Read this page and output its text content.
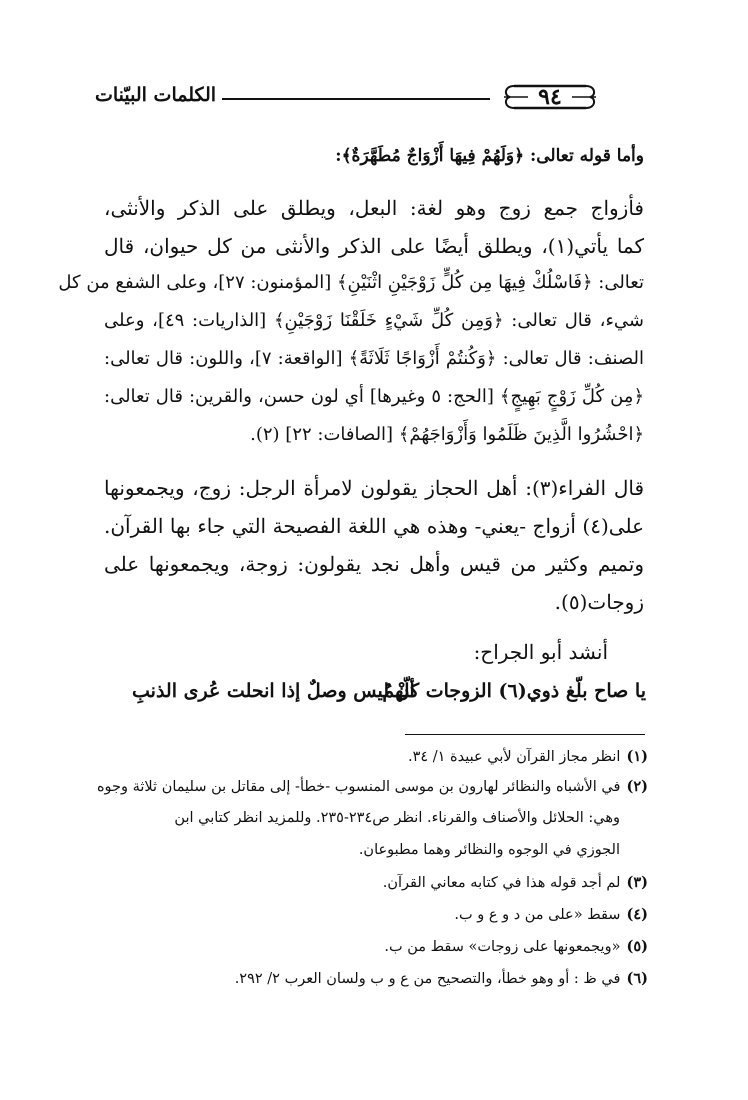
الكلمات البيّنات	٩٤
وأما قوله تعالى: ﴿وَلَهُمْ فِيهَا أَزْوَاجٌ مُطَهَّرَةٌ﴾:
فأزواج جمع زوج وهو لغة: البعل، ويطلق على الذكر والأنثى،
كما يأتي(١)، ويطلق أيضًا على الذكر والأنثى من كل حيوان، قال
تعالى: ﴿فَاسْلُكْ فِيهَا مِن كُلٍّ زَوْجَيْنِ اثْنَيْنِ﴾ [المؤمنون: ٢٧]، وعلى الشفع من كل
شيء، قال تعالى: ﴿وَمِن كُلِّ شَيْءٍ خَلَقْنَا زَوْجَيْنِ﴾ [الذاريات: ٤٩]، وعلى
الصنف: قال تعالى: ﴿وَكُنتُمْ أَزْوَاجًا ثَلَاثَةً﴾ [الواقعة: ٧]، واللون: قال تعالى:
﴿مِن كُلِّ زَوْجٍ بَهِيجٍ﴾ [الحج: ٥ وغيرها] أي لون حسن، والقرين: قال تعالى:
﴿احْشُرُوا الَّذِينَ ظَلَمُوا وَأَزْوَاجَهُمْ﴾ [الصافات: ٢٢] (٢).
قال الفراء(٣): أهل الحجاز يقولون لامرأة الرجل: زوج، ويجمعونها
على(٤) أزواج -يعني- وهذه هي اللغة الفصيحة التي جاء بها القرآن.
وتميم وكثير من قيس وأهل نجد يقولون: زوجة، ويجمعونها على
زوجات(٥).
أنشد أبو الجراح:
يا صاح بلّغ ذوي(٦) الزوجات كلّهمُ
أنْ ليس وصلٌ إذا انحلت عُرى الذنبِ
(١)انظر مجاز القرآن لأبي عبيدة ١/ ٣٤.
(٢)في الأشباه والنظائر لهارون بن موسى المنسوب -خطأ- إلى مقاتل بن سليمان ثلاثة وجوه
وهي: الحلائل والأصناف والقرناء. انظر ص٢٣٤-٢٣٥. وللمزيد انظر كتابي ابن
الجوزي في الوجوه والنظائر وهما مطبوعان.
(٣)لم أجد قوله هذا في كتابه معاني القرآن.
(٤)سقط «على من د و ع و ب.
(٥)«ويجمعونها على زوجات» سقط من ب.
(٦)في ظ : أو وهو خطأ، والتصحيح من ع و ب ولسان العرب ٢/ ٢٩٢.
